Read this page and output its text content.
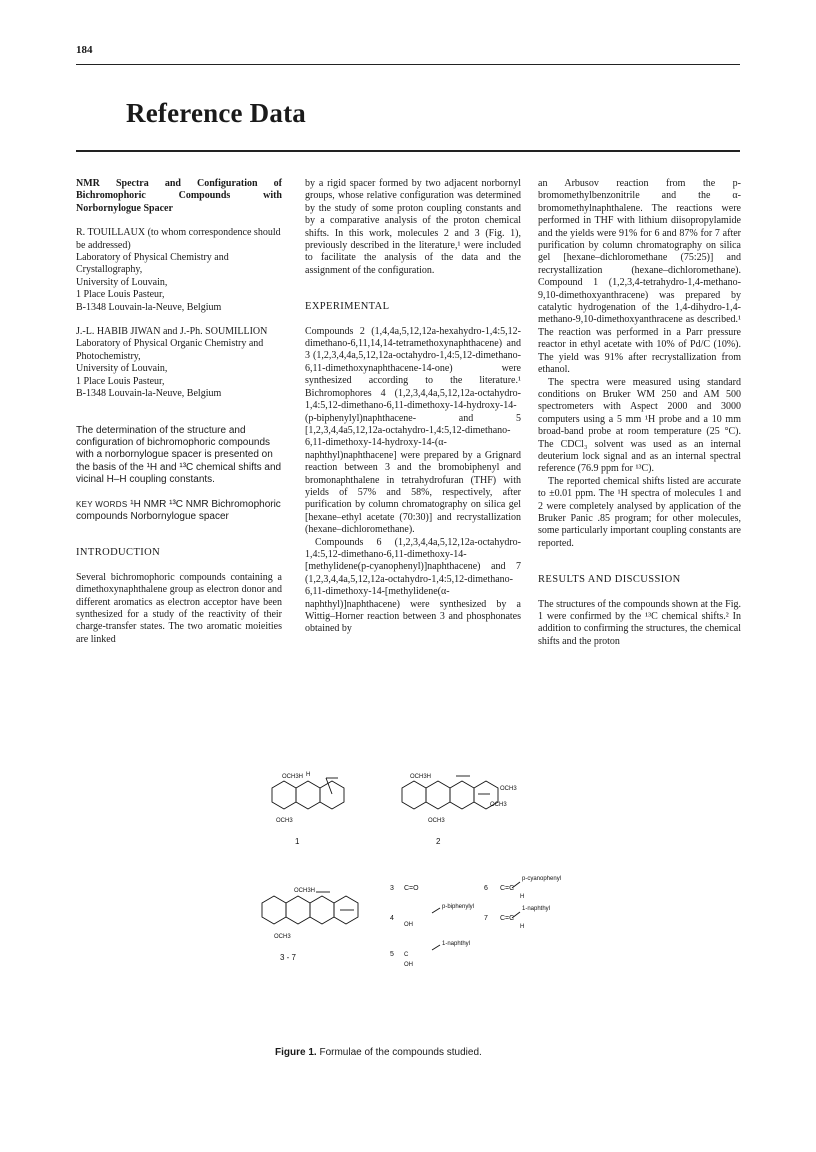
184
Reference Data

NMR Spectra and Configuration of Bichromophoric Compounds with Norbornylogue Spacer

R. TOUILLAUX (to whom correspondence should be addressed)

Laboratory of Physical Chemistry and Crystallography,

University of Louvain,

1 Place Louis Pasteur,

B-1348 Louvain-la-Neuve, Belgium

J.-L. HABIB JIWAN and J.-Ph. SOUMILLION

Laboratory of Physical Organic Chemistry and Photochemistry,

University of Louvain,

1 Place Louis Pasteur,

B-1348 Louvain-la-Neuve, Belgium

The determination of the structure and configuration of bichromophoric compounds with a norbornylogue spacer is presented on the basis of the ¹H and ¹³C chemical shifts and vicinal H–H coupling constants.

KEY WORDS ¹H NMR ¹³C NMR Bichromophoric compounds Norbornylogue spacer

INTRODUCTION

Several bichromophoric compounds containing a dimethoxynaphthalene group as electron donor and different aromatics as electron acceptor have been synthesized for a study of the reactivity of their charge-transfer states. The two aromatic moieities are linked

by a rigid spacer formed by two adjacent norbornyl groups, whose relative configuration was determined by the study of some proton coupling constants and by a comparative analysis of the proton chemical shifts. In this work, molecules 2 and 3 (Fig. 1), previously described in the literature,¹ were included to facilitate the analysis of the data and the assignment of the configuration.

EXPERIMENTAL

Compounds 2 (1,4,4a,5,12,12a-hexahydro-1,4:5,12-dimethano-6,11,14,14-tetramethoxynaphthacene) and 3 (1,2,3,4,4a,5,12,12a-octahydro-1,4:5,12-dimethano-6,11-dimethoxynaphthacene-14-one) were synthesized according to the literature.¹ Bichromophores 4 (1,2,3,4,4a,5,12,12a-octahydro-1,4:5,12-dimethano-6,11-dimethoxy-14-hydroxy-14-(p-biphenylyl)naphthacene- and 5 [1,2,3,4,4a5,12,12a-octahydro-1,4:5,12-dimethano-6,11-dimethoxy-14-hydroxy-14-(α-naphthyl)naphthacene] were prepared by a Grignard reaction between 3 and the bromobiphenyl and bromonaphthalene in tetrahydrofuran (THF) with yields of 57% and 58%, respectively, after purification by column chromatography on silica gel [hexane–ethyl acetate (70:30)] and recrystallization (hexane–dichloromethane).

Compounds 6 (1,2,3,4,4a,5,12,12a-octahydro-1,4:5,12-dimethano-6,11-dimethoxy-14-[methylidene(p-cyanophenyl)]naphthacene) and 7 (1,2,3,4,4a,5,12,12a-octahydro-1,4:5,12-dimethano-6,11-dimethoxy-14-[methylidene(α-naphthyl)]naphthacene) were synthesized by a Wittig–Horner reaction between 3 and phosphonates obtained by

an Arbusov reaction from the p-bromomethylbenzonitrile and the α-bromomethylnaphthalene. The reactions were performed in THF with lithium diisopropylamide and the yields were 91% for 6 and 87% for 7 after purification by column chromatography on silica gel [hexane–dichloromethane (75:25)] and recrystallization (hexane–dichloromethane). Compound 1 (1,2,3,4-tetrahydro-1,4-methano-9,10-dimethoxyanthracene) was prepared by catalytic hydrogenation of the 1,4-dihydro-1,4-methano-9,10-dimethoxyanthracene as described.¹ The reaction was performed in a Parr pressure reactor in ethyl acetate with 10% of Pd/C (10%). The yield was 91% after recrystallization from ethanol.

The spectra were measured using standard conditions on Bruker WM 250 and AM 500 spectrometers with Aspect 2000 and 3000 computers using a 5 mm ¹H probe and a 10 mm broad-band probe at room temperature (25 °C). The CDCl₃ solvent was used as an internal deuterium lock signal and as an internal spectral reference (76.9 ppm for ¹³C).

The reported chemical shifts listed are accurate to ±0.01 ppm. The ¹H spectra of molecules 1 and 2 were completely analysed by application of the Bruker Panic .85 program; for other molecules, some particularly important coupling constants are reported.

RESULTS AND DISCUSSION

The structures of the compounds shown at the Fig. 1 were confirmed by the ¹³C chemical shifts.² In addition to confirming the structures, the chemical shifts and the proton

OCH3H H
OCH3
1
OCH3H
OCH3
OCH3
OCH3
2
OCH3H
OCH3
3 - 7
3 C=O
4
p-biphenylyl
OH
5
1-naphthyl
C
OH
6 C=C
p-cyanophenyl
H
7 C=C
1-naphthyl
H
Figure 1. Formulae of the compounds studied.
